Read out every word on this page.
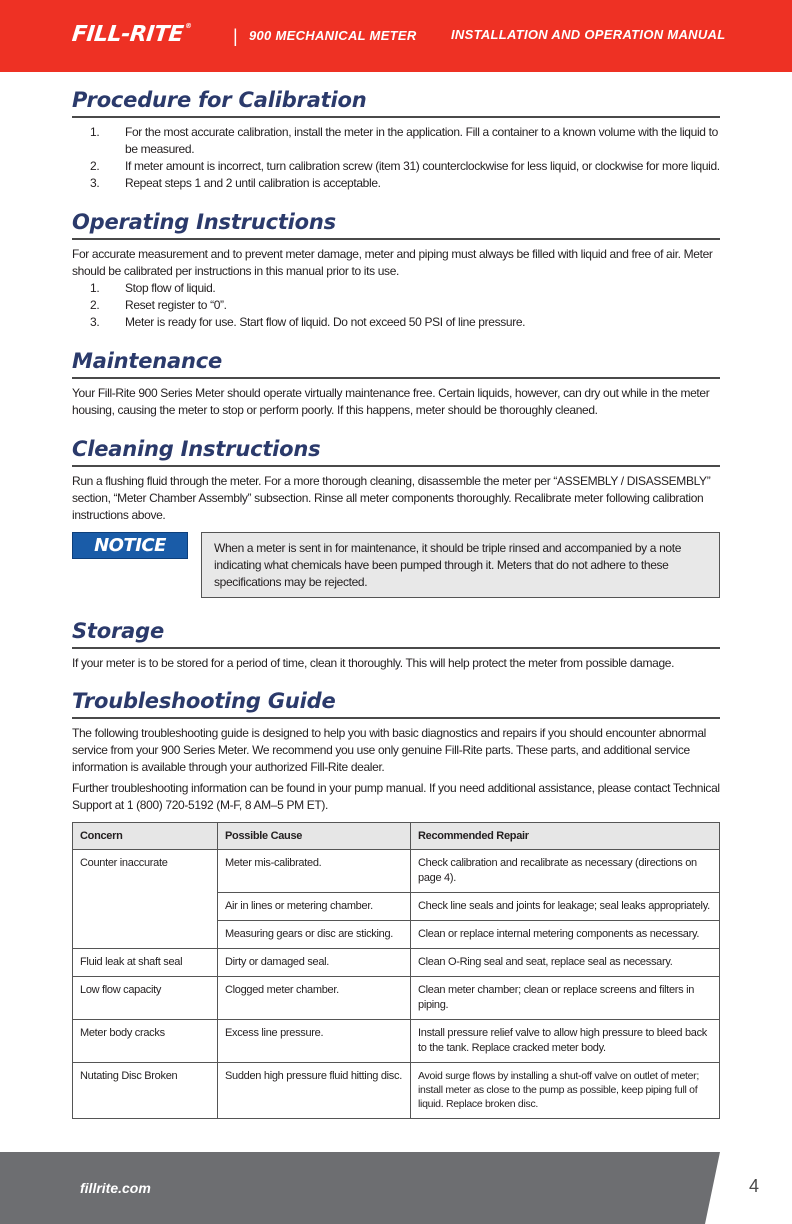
FILL-RITE® | 900 MECHANICAL METER	INSTALLATION AND OPERATION MANUAL
Procedure for Calibration
1. For the most accurate calibration, install the meter in the application. Fill a container to a known volume with the liquid to be measured.
2. If meter amount is incorrect, turn calibration screw (item 31) counterclockwise for less liquid, or clockwise for more liquid.
3. Repeat steps 1 and 2 until calibration is acceptable.
Operating Instructions

For accurate measurement and to prevent meter damage, meter and piping must always be filled with liquid and free of air. Meter should be calibrated per instructions in this manual prior to its use.

1. Stop flow of liquid.
2. Reset register to “0”.
3. Meter is ready for use. Start flow of liquid. Do not exceed 50 PSI of line pressure.
Maintenance

Your Fill-Rite 900 Series Meter should operate virtually maintenance free. Certain liquids, however, can dry out while in the meter housing, causing the meter to stop or perform poorly. If this happens, meter should be thoroughly cleaned.

Cleaning Instructions

Run a flushing fluid through the meter. For a more thorough cleaning, disassemble the meter per “ASSEMBLY / DISASSEMBLY” section, “Meter Chamber Assembly” subsection. Rinse all meter components thoroughly. Recalibrate meter following calibration instructions above.

NOTICE	When a meter is sent in for maintenance, it should be triple rinsed and accompanied by a note indicating what chemicals have been pumped through it. Meters that do not adhere to these specifications may be rejected.
Storage

If your meter is to be stored for a period of time, clean it thoroughly. This will help protect the meter from possible damage.

Troubleshooting Guide

The following troubleshooting guide is designed to help you with basic diagnostics and repairs if you should encounter abnormal service from your 900 Series Meter. We recommend you use only genuine Fill-Rite parts. These parts, and additional service information is available through your authorized Fill-Rite dealer.

Further troubleshooting information can be found in your pump manual. If you need additional assistance, please contact Technical Support at 1 (800) 720-5192 (M-F, 8 AM–5 PM ET).

Concern	Possible Cause	Recommended Repair
Counter inaccurate	Meter mis-calibrated.	Check calibration and recalibrate as necessary (directions on page 4).
	Air in lines or metering chamber.	Check line seals and joints for leakage; seal leaks appropriately.
	Measuring gears or disc are sticking.	Clean or replace internal metering components as necessary.
Fluid leak at shaft seal	Dirty or damaged seal.	Clean O-Ring seal and seat, replace seal as necessary.
Low flow capacity	Clogged meter chamber.	Clean meter chamber; clean or replace screens and filters in piping.
Meter body cracks	Excess line pressure.	Install pressure relief valve to allow high pressure to bleed back to the tank. Replace cracked meter body.
Nutating Disc Broken	Sudden high pressure fluid hitting disc.	Avoid surge flows by installing a shut-off valve on outlet of meter; install meter as close to the pump as possible, keep piping full of liquid. Replace broken disc.
fillrite.com	4
